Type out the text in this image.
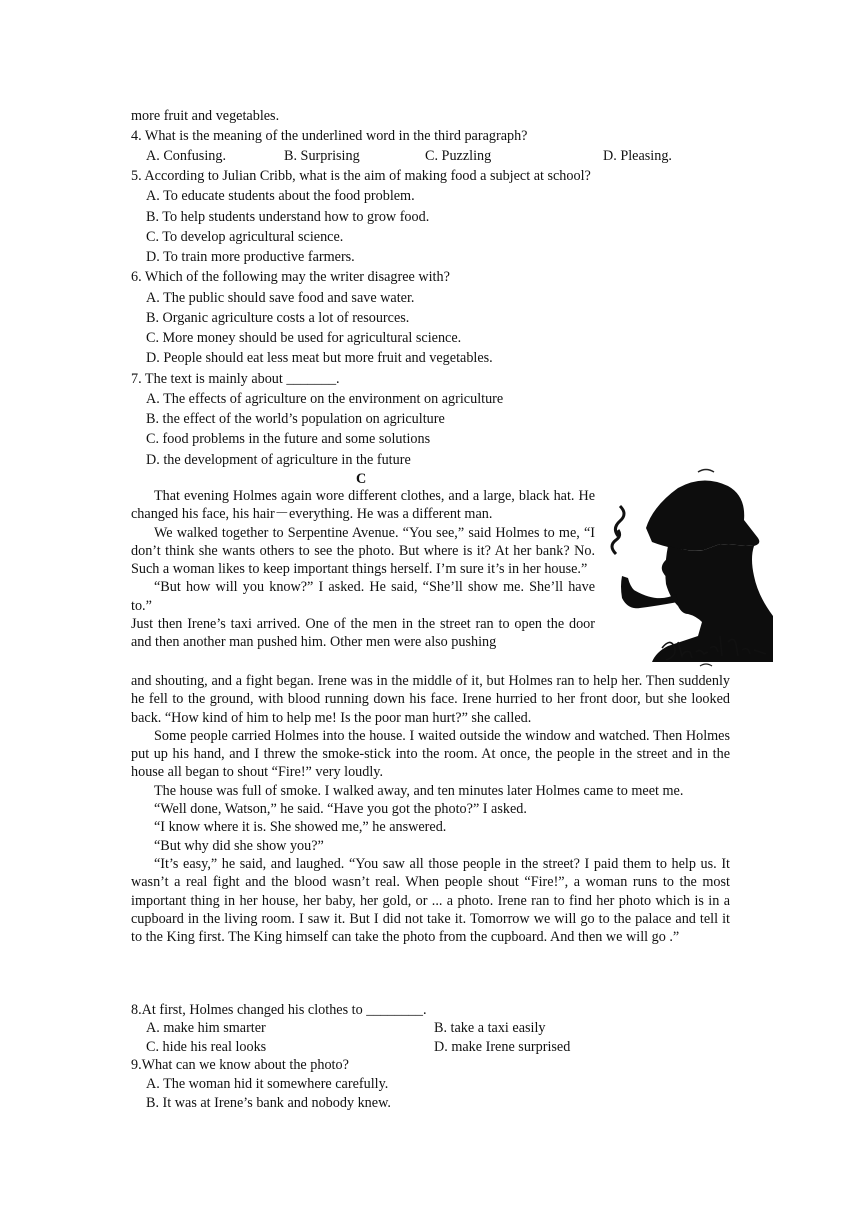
more fruit and vegetables.
4. What is the meaning of the underlined word in the third paragraph?
A. Confusing.	B. Surprising	C. Puzzling	D. Pleasing.
5. According to Julian Cribb, what is the aim of making food a subject at school?
A. To educate students about the food problem.
B. To help students understand how to grow food.
C. To develop agricultural science.
D. To train more productive farmers.
6. Which of the following may the writer disagree with?
A. The public should save food and save water.
B. Organic agriculture costs a lot of resources.
C. More money should be used for agricultural science.
D. People should eat less meat but more fruit and vegetables.
7. The text is mainly about _______.
A. The effects of agriculture on the environment on agriculture
B. the effect of the world’s population on agriculture
C. food problems in the future and some solutions
D. the development of agriculture in the future
C

That evening Holmes again wore different clothes, and a large, black hat. He changed his face, his hair－everything. He was a different man.

We walked together to Serpentine Avenue. “You see,” said Holmes to me, “I don’t think she wants others to see the photo. But where is it? At her bank? No. Such a woman likes to keep important things herself. I’m sure it’s in her house.”

“But how will you know?” I asked. He said, “She’ll show me. She’ll have to.”

Just then Irene’s taxi arrived. One of the men in the street ran to open the door and then another man pushed him. Other men were also pushing

and shouting, and a fight began. Irene was in the middle of it, but Holmes ran to help her. Then suddenly he fell to the ground, with blood running down his face. Irene hurried to her front door, but she looked back. “How kind of him to help me! Is the poor man hurt?” she called.

Some people carried Holmes into the house. I waited outside the window and watched. Then Holmes put up his hand, and I threw the smoke-stick into the room. At once, the people in the street and in the house all began to shout “Fire!” very loudly.

The house was full of smoke. I walked away, and ten minutes later Holmes came to meet me.

“Well done, Watson,” he said. “Have you got the photo?” I asked.

“I know where it is. She showed me,” he answered.

“But why did she show you?”

“It’s easy,” he said, and laughed. “You saw all those people in the street? I paid them to help us. It wasn’t a real fight and the blood wasn’t real. When people shout “Fire!”, a woman runs to the most important thing in her house, her baby, her gold, or ... a photo. Irene ran to find her photo which is in a cupboard in the living room. I saw it. But I did not take it. Tomorrow we will go to the palace and tell it to the King first. The King himself can take the photo from the cupboard. And then we will go .”

8.At first, Holmes changed his clothes to ________.
A. make him smarter	B. take a taxi easily
C. hide his real looks	D. make Irene surprised
9.What can we know about the photo?
A. The woman hid it somewhere carefully.
B. It was at Irene’s bank and nobody knew.
